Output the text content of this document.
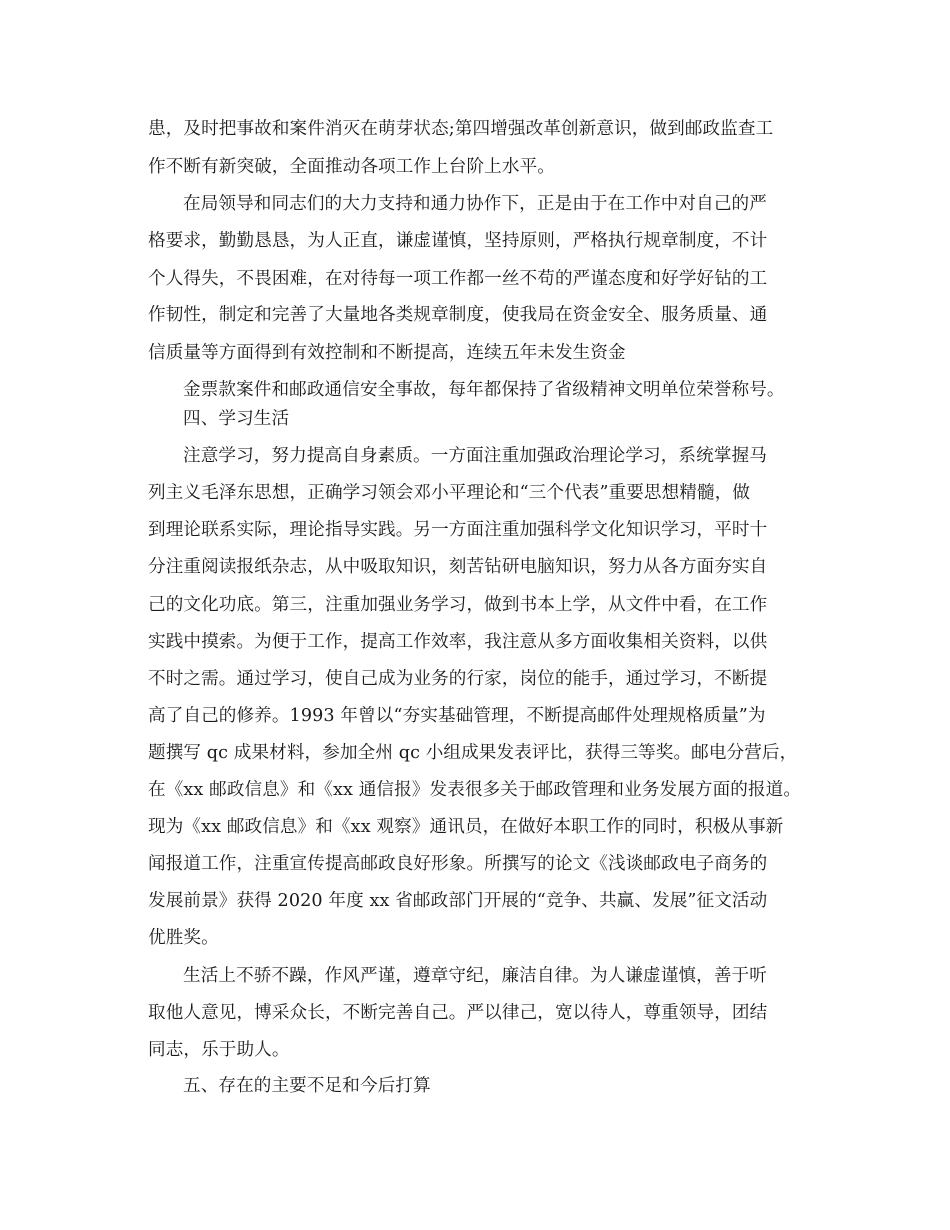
患，及时把事故和案件消灭在萌芽状态;第四增强改革创新意识，做到邮政监查工
作不断有新突破，全面推动各项工作上台阶上水平。
在局领导和同志们的大力支持和通力协作下，正是由于在工作中对自己的严
格要求，勤勤恳恳，为人正直，谦虚谨慎，坚持原则，严格执行规章制度，不计
个人得失，不畏困难，在对待每一项工作都一丝不苟的严谨态度和好学好钻的工
作韧性，制定和完善了大量地各类规章制度，使我局在资金安全、服务质量、通
信质量等方面得到有效控制和不断提高，连续五年未发生资金
金票款案件和邮政通信安全事故，每年都保持了省级精神文明单位荣誉称号。
四、学习生活
注意学习，努力提高自身素质。一方面注重加强政治理论学习，系统掌握马
列主义毛泽东思想，正确学习领会邓小平理论和“三个代表”重要思想精髓，做
到理论联系实际，理论指导实践。另一方面注重加强科学文化知识学习，平时十
分注重阅读报纸杂志，从中吸取知识，刻苦钻研电脑知识，努力从各方面夯实自
己的文化功底。第三，注重加强业务学习，做到书本上学，从文件中看，在工作
实践中摸索。为便于工作，提高工作效率，我注意从多方面收集相关资料，以供
不时之需。通过学习，使自己成为业务的行家，岗位的能手，通过学习，不断提
高了自己的修养。1993 年曾以“夯实基础管理，不断提高邮件处理规格质量”为
题撰写 qc 成果材料，参加全州 qc 小组成果发表评比，获得三等奖。邮电分营后，
在《xx 邮政信息》和《xx 通信报》发表很多关于邮政管理和业务发展方面的报道。
现为《xx 邮政信息》和《xx 观察》通讯员，在做好本职工作的同时，积极从事新
闻报道工作，注重宣传提高邮政良好形象。所撰写的论文《浅谈邮政电子商务的
发展前景》获得 2020 年度 xx 省邮政部门开展的“竞争、共赢、发展”征文活动
优胜奖。
生活上不骄不躁，作风严谨，遵章守纪，廉洁自律。为人谦虚谨慎，善于听
取他人意见，博采众长，不断完善自己。严以律己，宽以待人，尊重领导，团结
同志，乐于助人。
五、存在的主要不足和今后打算
